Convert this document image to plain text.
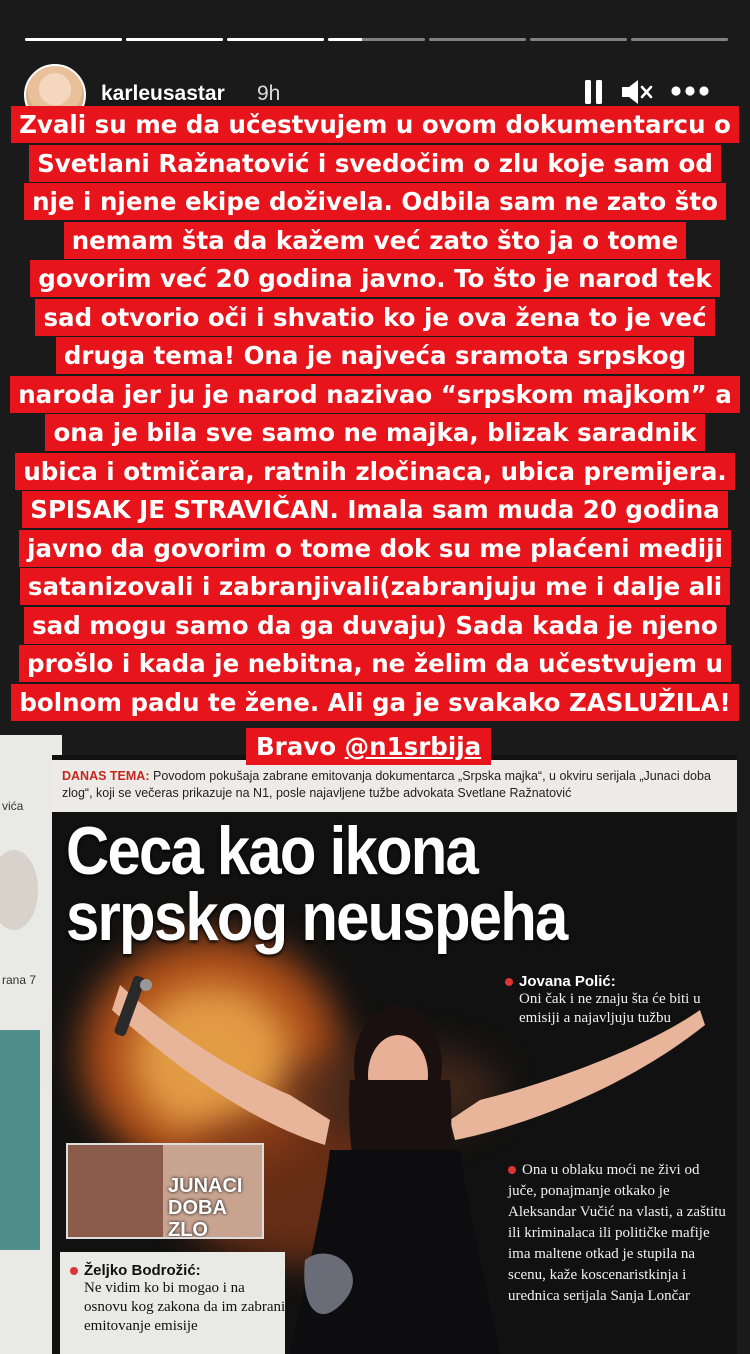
vića
rana 7
DANAS TEMA: Povodom pokušaja zabrane emitovanja dokumentarca „Srpska majka“, u okviru serijala „Junaci doba zlog“, koji se večeras prikazuje na N1, posle najavljene tužbe advokata Svetlane Ražnatović
Ceca kao ikona
srpskog neuspeha
Jovana Polić:
Oni čak i ne znaju šta će biti u emisiji a najavljuju tužbu
Ona u oblaku moći ne živi od juče, ponajmanje otkako je Aleksandar Vučić na vlasti, a zaštitu ili kriminalaca ili političke mafije ima maltene otkad je stupila na scenu, kaže koscenaristkinja i urednica serijala Sanja Lončar
JUNACI DOBA ZLO
Željko Bodrožić:
Ne vidim ko bi mogao i na osnovu kog zakona da im zabrani emitovanje emisije
karleusastar 9h
Zvali su me da učestvujem u ovom dokumentarcu o
Svetlani Ražnatović i svedočim o zlu koje sam od
nje i njene ekipe doživela. Odbila sam ne zato što
nemam šta da kažem već zato što ja o tome
govorim već 20 godina javno. To što je narod tek
sad otvorio oči i shvatio ko je ova žena to je već
druga tema! Ona je najveća sramota srpskog
naroda jer ju je narod nazivao “srpskom majkom” a
ona je bila sve samo ne majka, blizak saradnik
ubica i otmičara, ratnih zločinaca, ubica premijera.
SPISAK JE STRAVIČAN. Imala sam muda 20 godina
javno da govorim o tome dok su me plaćeni mediji
satanizovali i zabranjivali(zabranjuju me i dalje ali
sad mogu samo da ga duvaju) Sada kada je njeno
prošlo i kada je nebitna, ne želim da učestvujem u
bolnom padu te žene. Ali ga je svakako ZASLUŽILA!
Bravo @n1srbija
